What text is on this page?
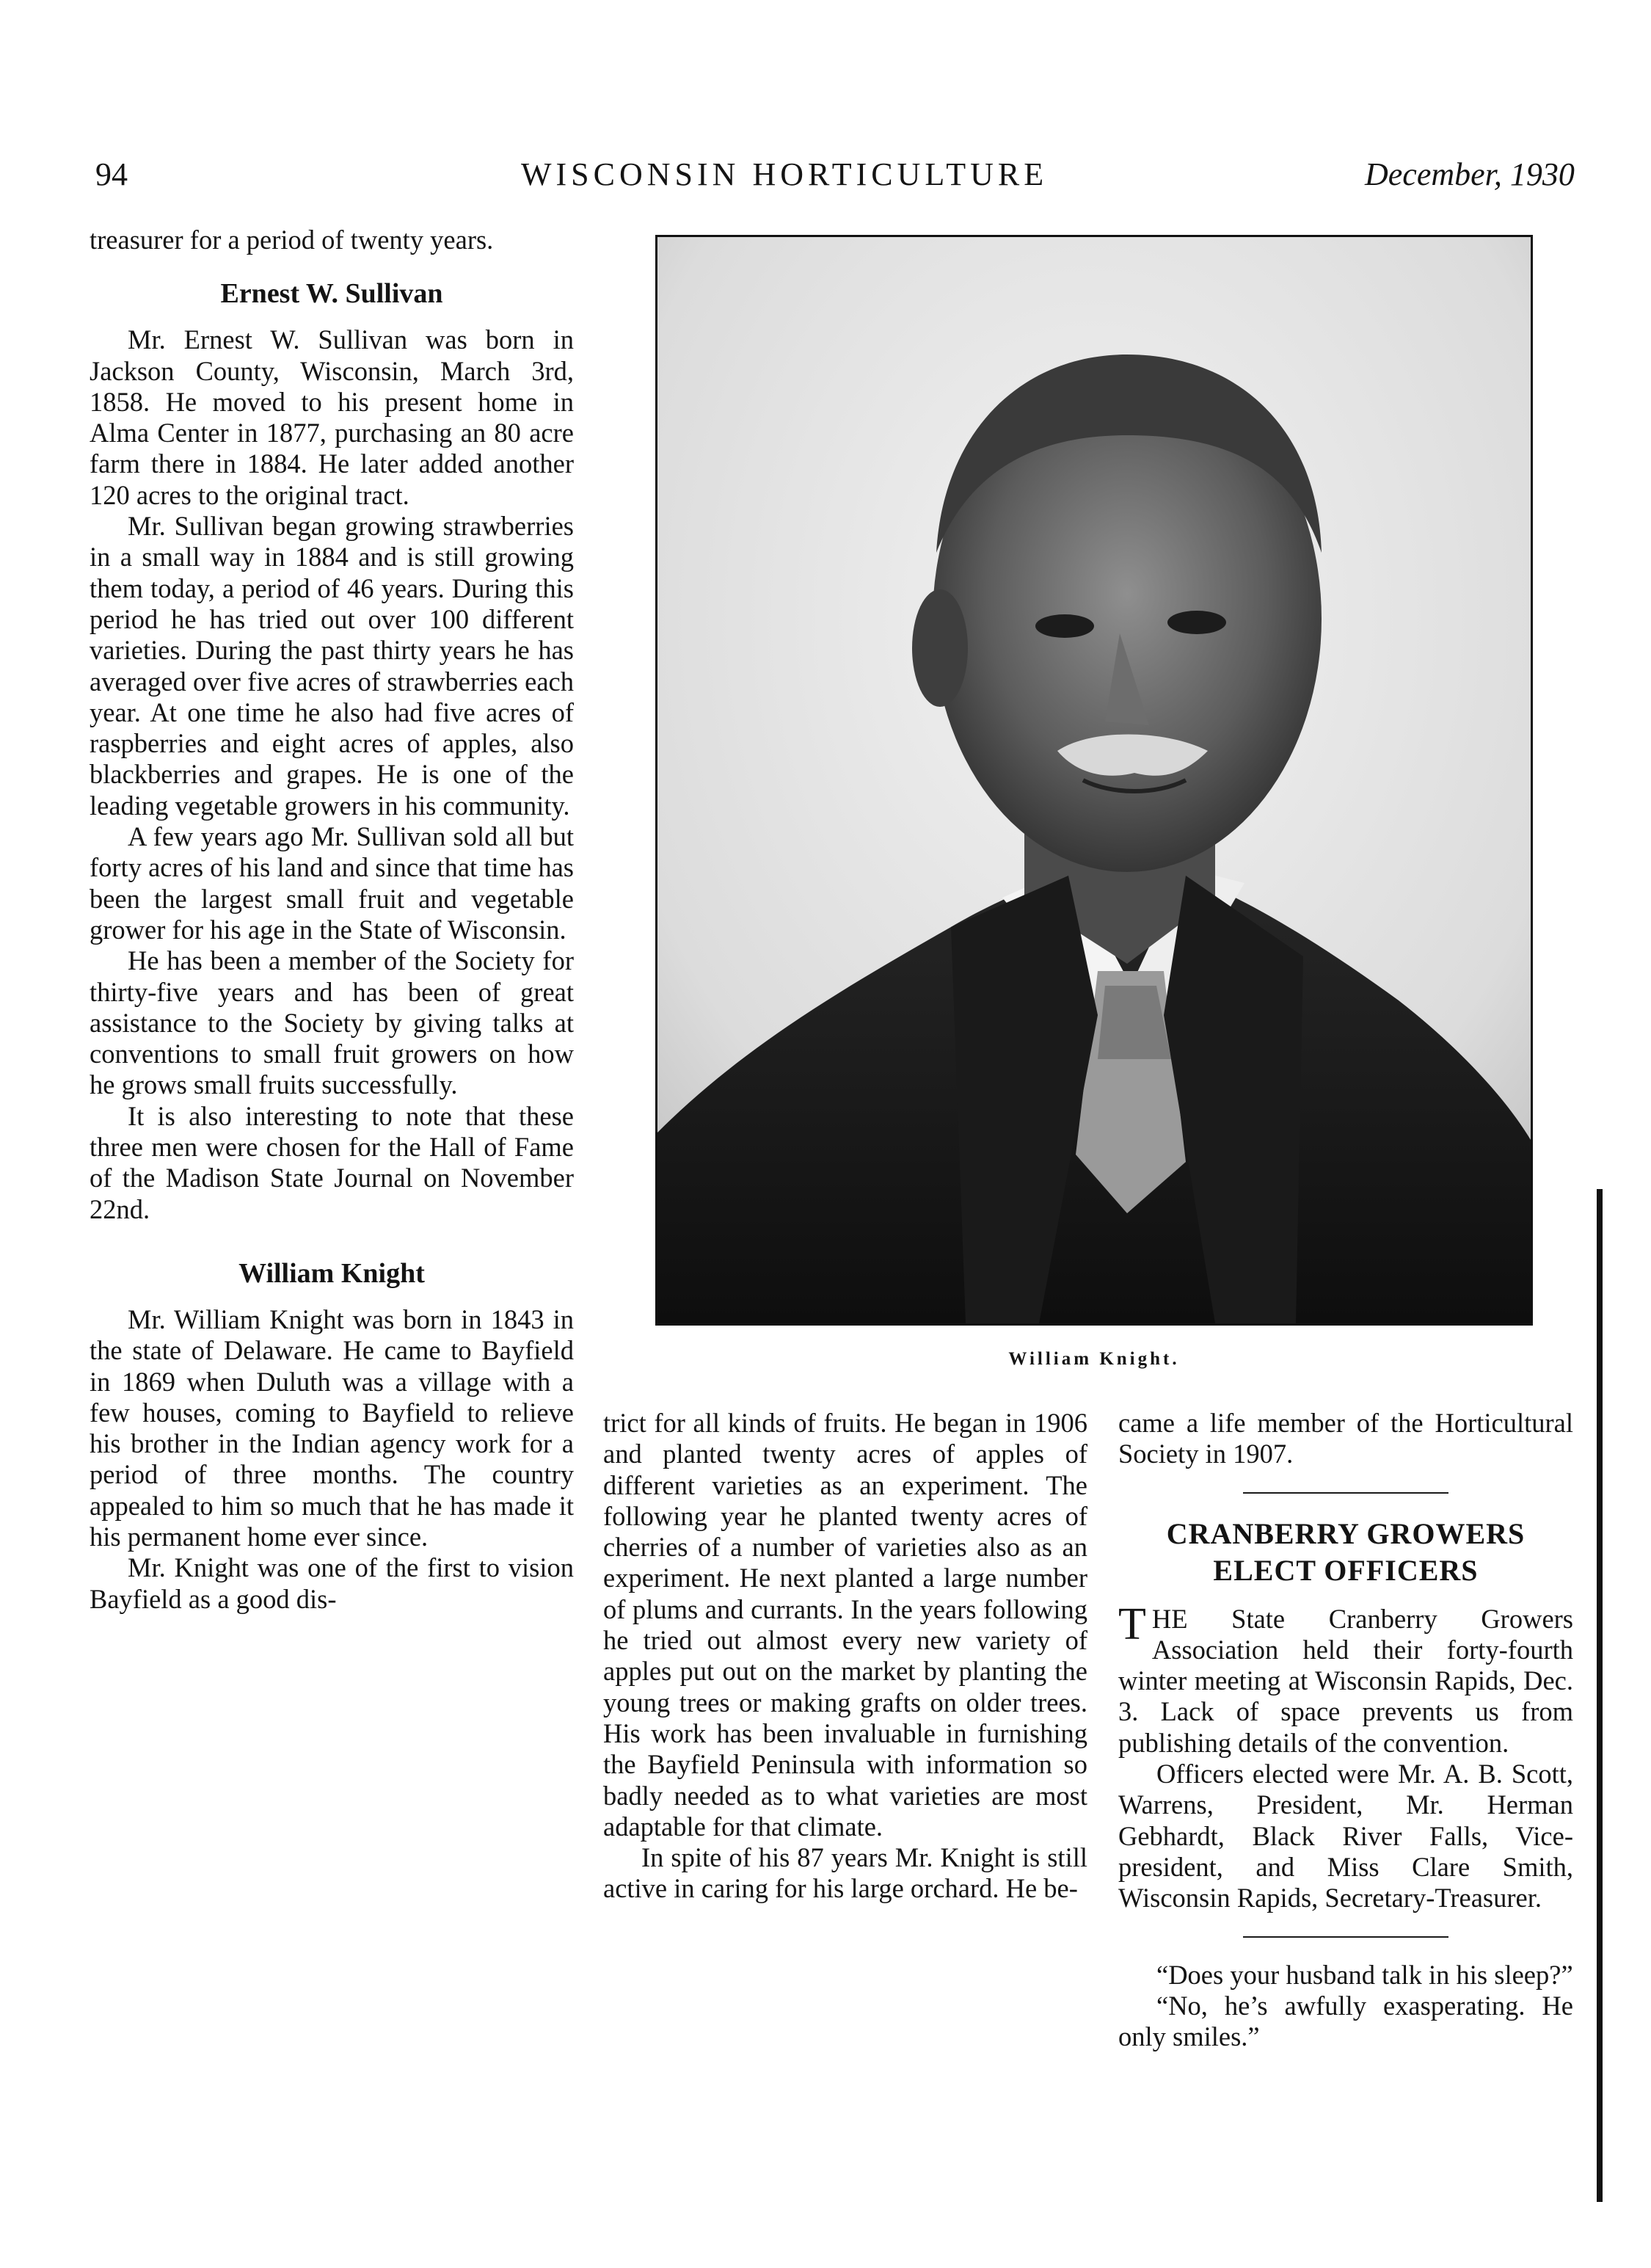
94	WISCONSIN HORTICULTURE	December, 1930

treasurer for a period of twenty years.

Ernest W. Sullivan

Mr. Ernest W. Sullivan was born in Jackson County, Wisconsin, March 3rd, 1858. He moved to his present home in Alma Center in 1877, purchasing an 80 acre farm there in 1884. He later added another 120 acres to the original tract.

Mr. Sullivan began growing strawberries in a small way in 1884 and is still growing them today, a period of 46 years. During this period he has tried out over 100 different varieties. During the past thirty years he has averaged over five acres of strawberries each year. At one time he also had five acres of raspberries and eight acres of apples, also blackberries and grapes. He is one of the leading vegetable growers in his community.

A few years ago Mr. Sullivan sold all but forty acres of his land and since that time has been the largest small fruit and vegetable grower for his age in the State of Wisconsin.

He has been a member of the Society for thirty-five years and has been of great assistance to the Society by giving talks at conventions to small fruit growers on how he grows small fruits successfully.

It is also interesting to note that these three men were chosen for the Hall of Fame of the Madison State Journal on November 22nd.

William Knight

Mr. William Knight was born in 1843 in the state of Delaware. He came to Bayfield in 1869 when Duluth was a village with a few houses, coming to Bayfield to relieve his brother in the Indian agency work for a period of three months. The country appealed to him so much that he has made it his permanent home ever since.

Mr. Knight was one of the first to vision Bayfield as a good dis-

William Knight.

trict for all kinds of fruits. He began in 1906 and planted twenty acres of apples of different varieties as an experiment. The following year he planted twenty acres of cherries of a number of varieties also as an experiment. He next planted a large number of plums and currants. In the years following he tried out almost every new variety of apples put out on the market by planting the young trees or making grafts on older trees. His work has been invaluable in furnishing the Bayfield Peninsula with information so badly needed as to what varieties are most adaptable for that climate.

In spite of his 87 years Mr. Knight is still active in caring for his large orchard. He be-

came a life member of the Horticultural Society in 1907.

CRANBERRY GROWERS
ELECT OFFICERS

THE State Cranberry Growers Association held their forty-fourth winter meeting at Wisconsin Rapids, Dec. 3. Lack of space prevents us from publishing details of the convention.

Officers elected were Mr. A. B. Scott, Warrens, President, Mr. Herman Gebhardt, Black River Falls, Vice-president, and Miss Clare Smith, Wisconsin Rapids, Secretary-Treasurer.

“Does your husband talk in his sleep?”

“No, he’s awfully exasperating. He only smiles.”
